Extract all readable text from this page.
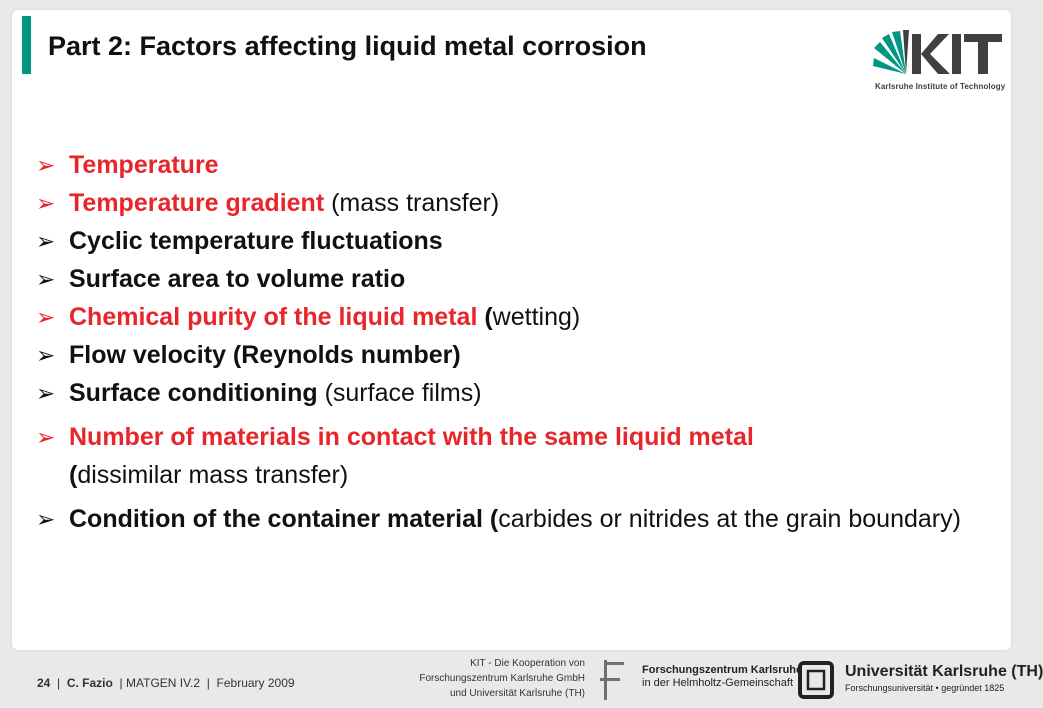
Part 2: Factors affecting liquid metal corrosion
Karlsruhe Institute of Technology
➢ Temperature
➢ Temperature gradient (mass transfer)
➢ Cyclic temperature fluctuations
➢ Surface area to volume ratio
➢ Chemical purity of the liquid metal (wetting)
➢ Flow velocity (Reynolds number)
➢ Surface conditioning (surface films)
➢ Number of materials in contact with the same liquid metal
(dissimilar mass transfer)
➢ Condition of the container material (carbides or nitrides at the grain boundary)
24  |  C. Fazio  | MATGEN IV.2  |  February 2009
KIT - Die Kooperation von
Forschungszentrum Karlsruhe GmbH
und Universität Karlsruhe (TH)
Forschungszentrum Karlsruhe
in der Helmholtz-Gemeinschaft
Universität Karlsruhe (TH)
Forschungsuniversität • gegründet 1825
